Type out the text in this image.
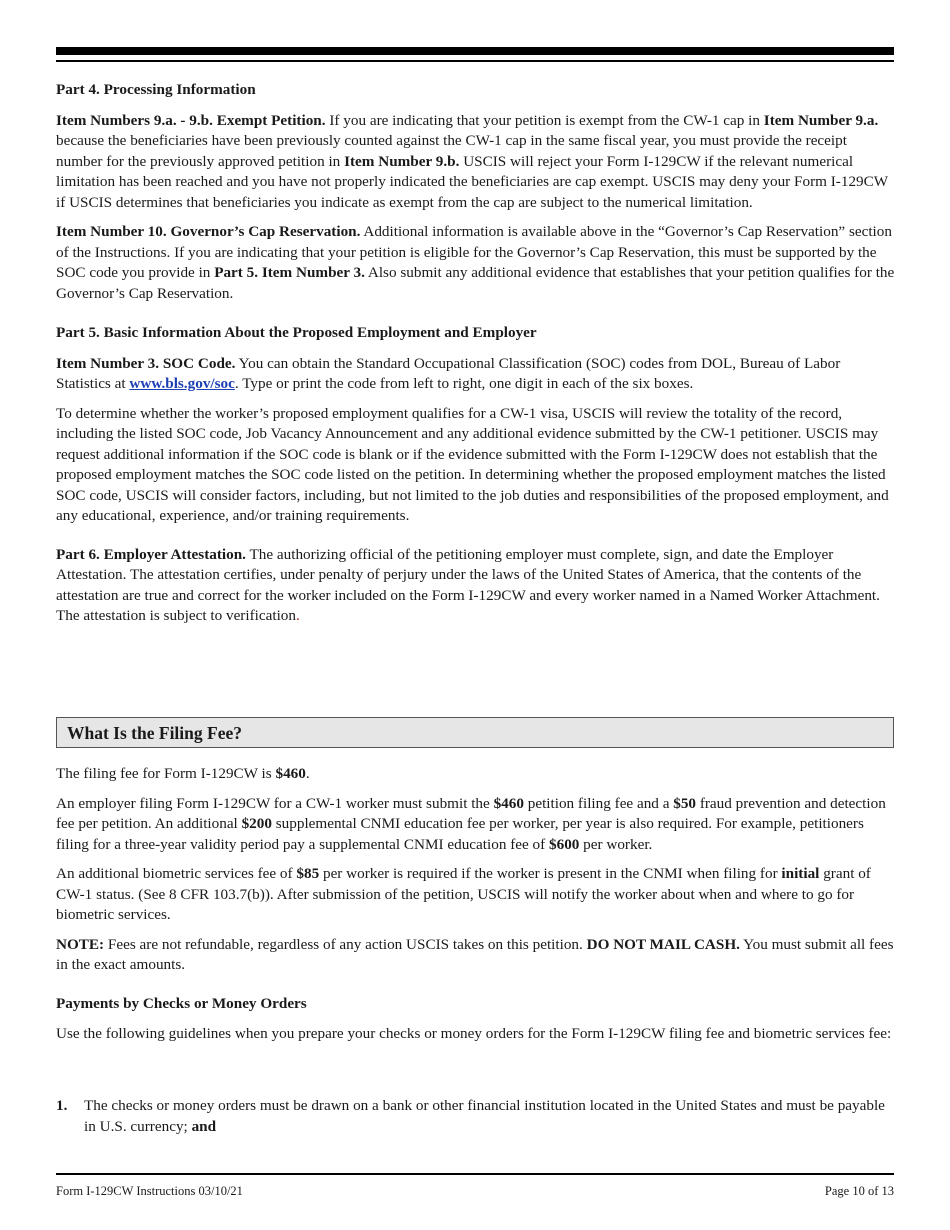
Part 4. Processing Information

Item Numbers 9.a. - 9.b. Exempt Petition. If you are indicating that your petition is exempt from the CW-1 cap in Item Number 9.a. because the beneficiaries have been previously counted against the CW-1 cap in the same fiscal year, you must provide the receipt number for the previously approved petition in Item Number 9.b. USCIS will reject your Form I-129CW if the relevant numerical limitation has been reached and you have not properly indicated the beneficiaries are cap exempt. USCIS may deny your Form I-129CW if USCIS determines that beneficiaries you indicate as exempt from the cap are subject to the numerical limitation.

Item Number 10. Governor’s Cap Reservation. Additional information is available above in the “Governor’s Cap Reservation” section of the Instructions. If you are indicating that your petition is eligible for the Governor’s Cap Reservation, this must be supported by the SOC code you provide in Part 5. Item Number 3. Also submit any additional evidence that establishes that your petition qualifies for the Governor’s Cap Reservation.

Part 5. Basic Information About the Proposed Employment and Employer

Item Number 3. SOC Code. You can obtain the Standard Occupational Classification (SOC) codes from DOL, Bureau of Labor Statistics at www.bls.gov/soc. Type or print the code from left to right, one digit in each of the six boxes.

To determine whether the worker’s proposed employment qualifies for a CW-1 visa, USCIS will review the totality of the record, including the listed SOC code, Job Vacancy Announcement and any additional evidence submitted by the CW-1 petitioner. USCIS may request additional information if the SOC code is blank or if the evidence submitted with the Form I-129CW does not establish that the proposed employment matches the SOC code listed on the petition. In determining whether the proposed employment matches the listed SOC code, USCIS will consider factors, including, but not limited to the job duties and responsibilities of the proposed employment, and any educational, experience, and/or training requirements.

Part 6. Employer Attestation. The authorizing official of the petitioning employer must complete, sign, and date the Employer Attestation. The attestation certifies, under penalty of perjury under the laws of the United States of America, that the contents of the attestation are true and correct for the worker included on the Form I-129CW and every worker named in a Named Worker Attachment. The attestation is subject to verification.

What Is the Filing Fee?

The filing fee for Form I-129CW is $460.

An employer filing Form I-129CW for a CW-1 worker must submit the $460 petition filing fee and a $50 fraud prevention and detection fee per petition. An additional $200 supplemental CNMI education fee per worker, per year is also required. For example, petitioners filing for a three-year validity period pay a supplemental CNMI education fee of $600 per worker.

An additional biometric services fee of $85 per worker is required if the worker is present in the CNMI when filing for initial grant of CW-1 status. (See 8 CFR 103.7(b)). After submission of the petition, USCIS will notify the worker about when and where to go for biometric services.

NOTE: Fees are not refundable, regardless of any action USCIS takes on this petition. DO NOT MAIL CASH. You must submit all fees in the exact amounts.

Payments by Checks or Money Orders

Use the following guidelines when you prepare your checks or money orders for the Form I-129CW filing fee and biometric services fee:

1. The checks or money orders must be drawn on a bank or other financial institution located in the United States and must be payable in U.S. currency; and
Form I-129CW Instructions 03/10/21	Page 10 of 13
